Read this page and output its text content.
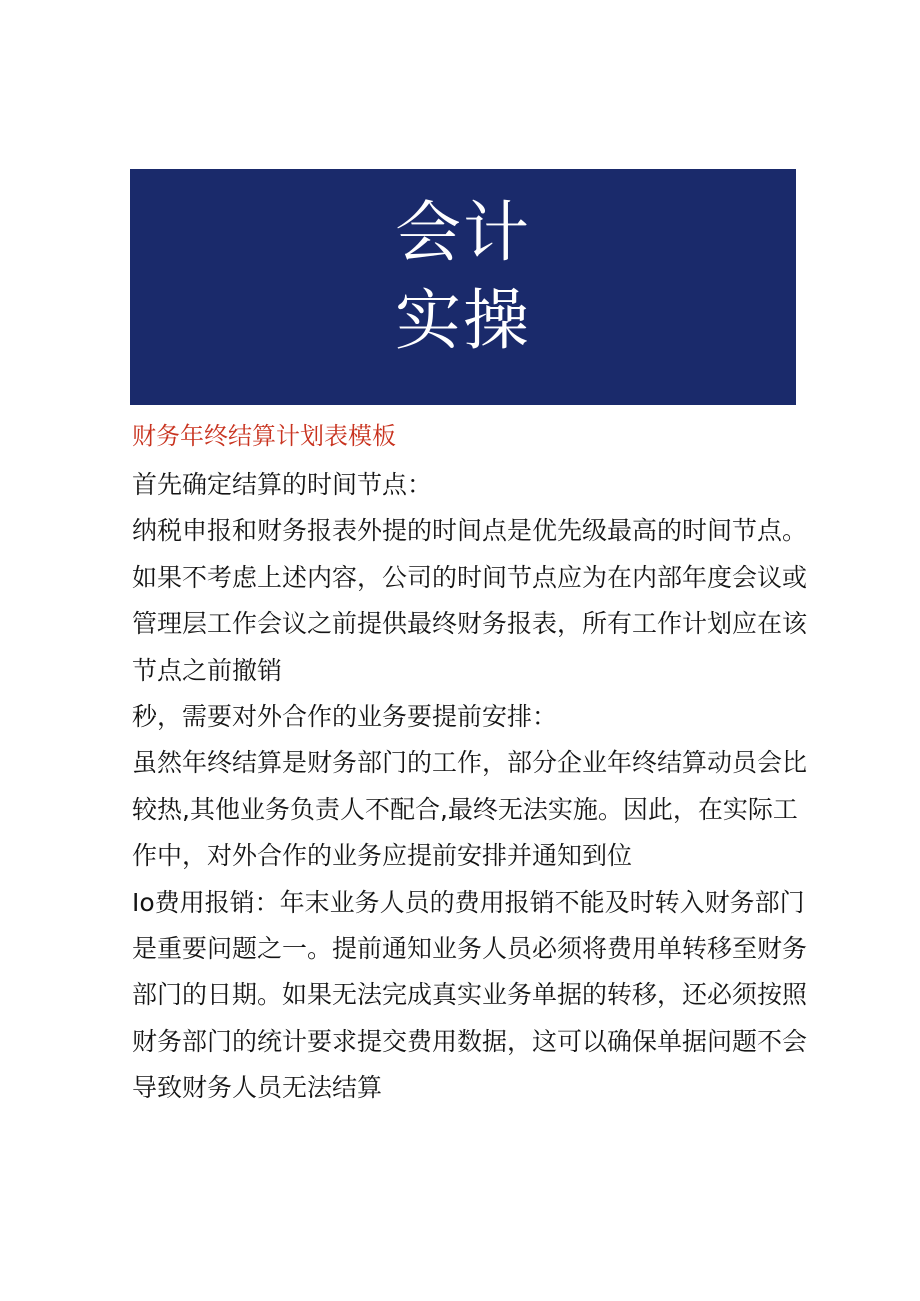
会计
实操
财务年终结算计划表模板
首先确定结算的时间节点：
纳税申报和财务报表外提的时间点是优先级最高的时间节点。
如果不考虑上述内容，公司的时间节点应为在内部年度会议或
管理层工作会议之前提供最终财务报表，所有工作计划应在该
节点之前撤销
秒，需要对外合作的业务要提前安排：
虽然年终结算是财务部门的工作，部分企业年终结算动员会比
较热,其他业务负责人不配合,最终无法实施。因此，在实际工
作中，对外合作的业务应提前安排并通知到位
Io费用报销：年末业务人员的费用报销不能及时转入财务部门
是重要问题之一。提前通知业务人员必须将费用单转移至财务
部门的日期。如果无法完成真实业务单据的转移，还必须按照
财务部门的统计要求提交费用数据，这可以确保单据问题不会
导致财务人员无法结算
